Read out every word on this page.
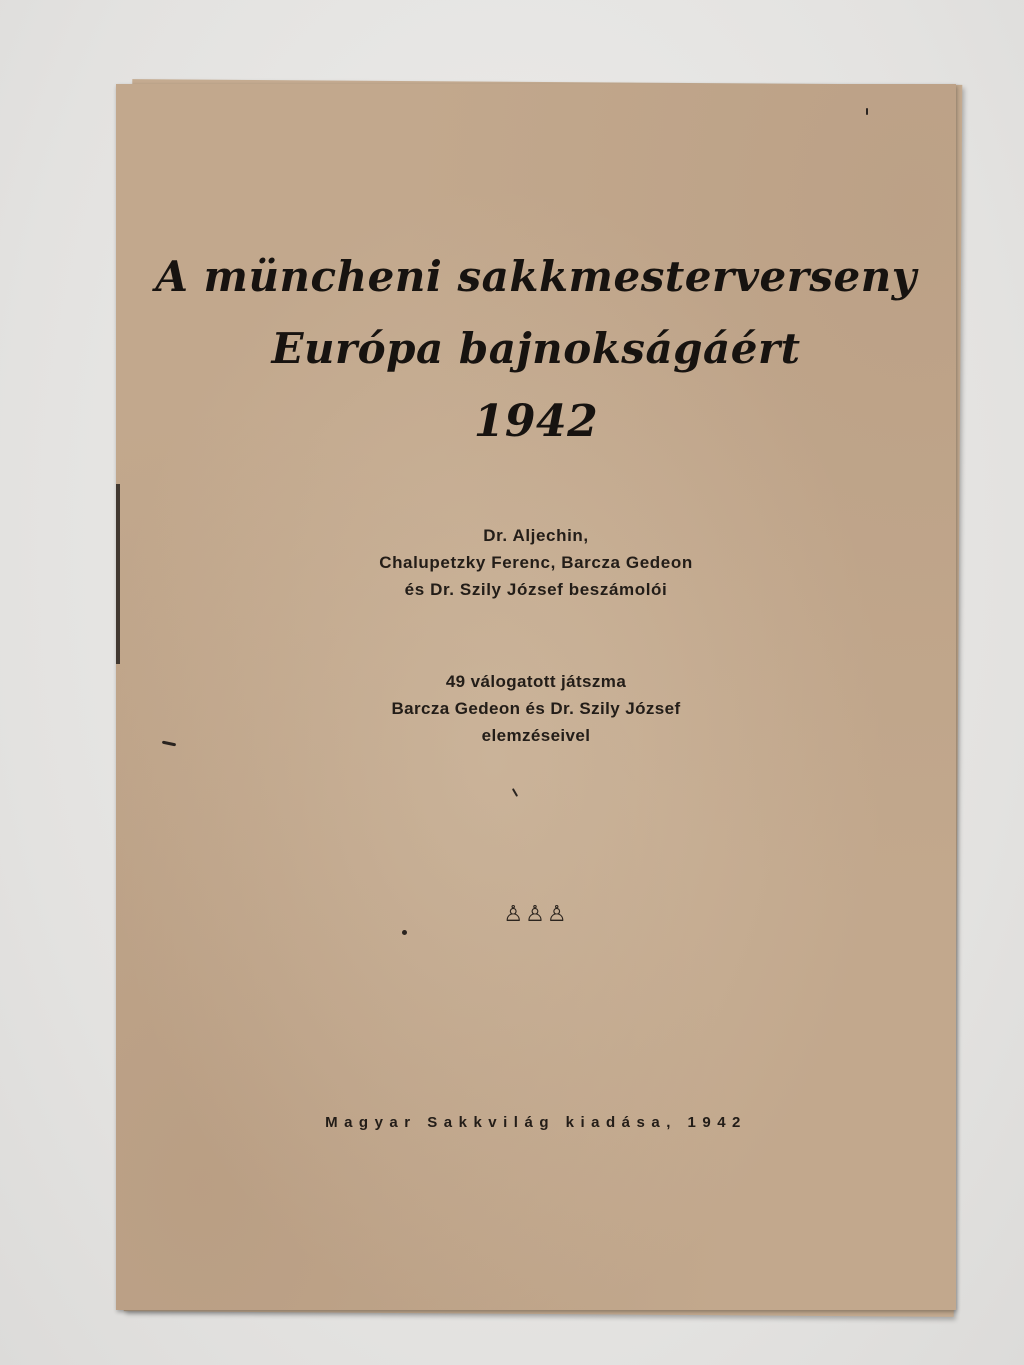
A müncheni sakkmesterverseny
Európa bajnokságáért
1942
Dr. Aljechin,
Chalupetzky Ferenc, Barcza Gedeon
és Dr. Szily József beszámolói
49 válogatott játszma
Barcza Gedeon és Dr. Szily József
elemzéseivel
♙♙♙
Magyar Sakkvilág kiadása, 1942
